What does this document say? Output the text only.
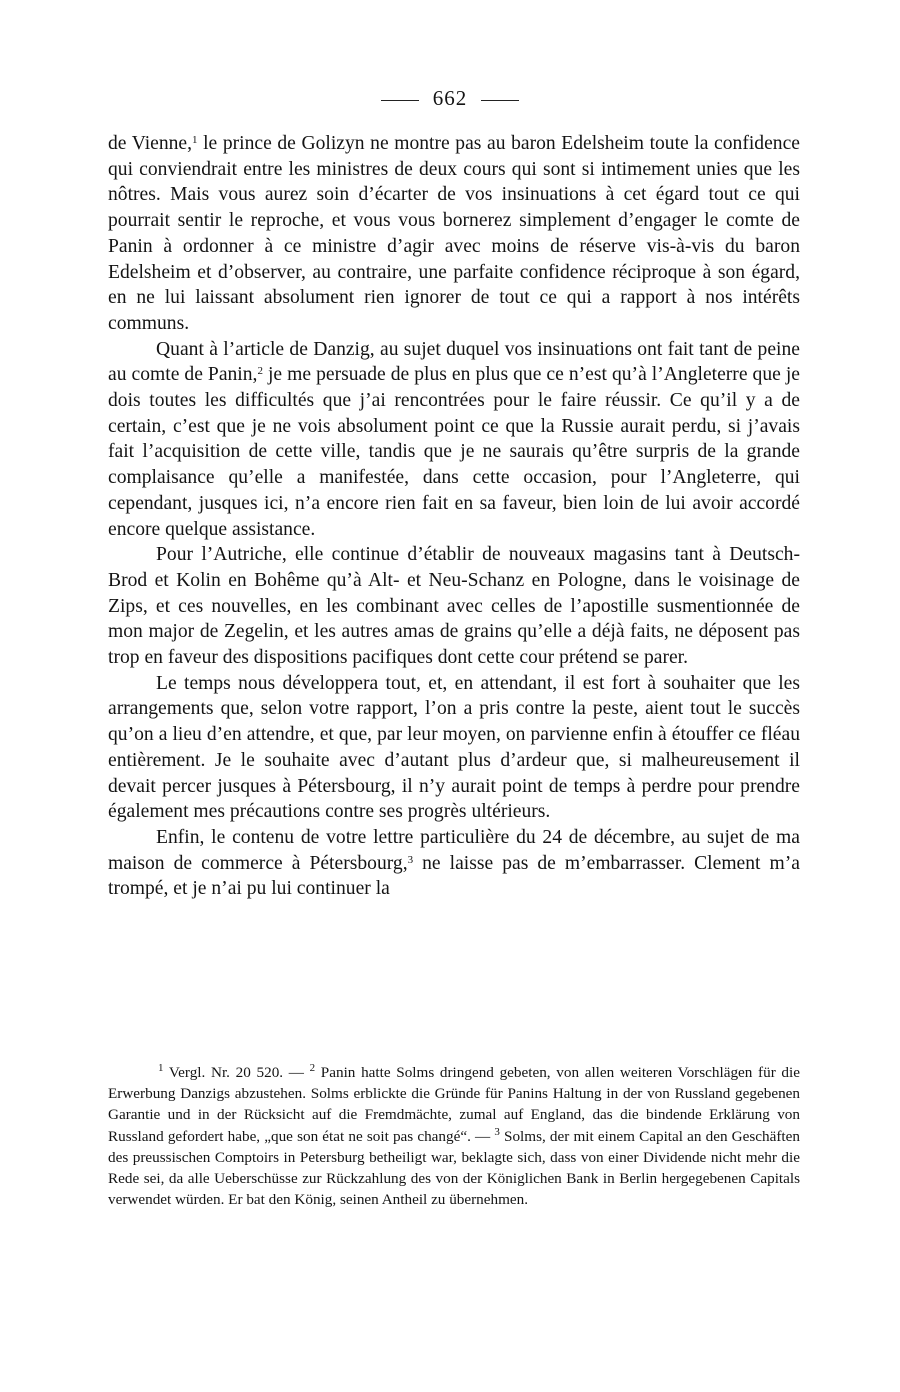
662

de Vienne,$^1$ le prince de Golizyn ne montre pas au baron Edelsheim toute la confidence qui conviendrait entre les ministres de deux cours qui sont si intimement unies que les nôtres. Mais vous aurez soin d’écarter de vos insinuations à cet égard tout ce qui pourrait sentir le reproche, et vous vous bornerez simplement d’engager le comte de Panin à ordonner à ce ministre d’agir avec moins de réserve vis-à-vis du baron Edelsheim et d’observer, au contraire, une parfaite confidence réciproque à son égard, en ne lui laissant absolument rien ignorer de tout ce qui a rapport à nos intérêts communs.

Quant à l’article de Danzig, au sujet duquel vos insinuations ont fait tant de peine au comte de Panin,$^2$ je me persuade de plus en plus que ce n’est qu’à l’Angleterre que je dois toutes les difficultés que j’ai rencontrées pour le faire réussir. Ce qu’il y a de certain, c’est que je ne vois absolument point ce que la Russie aurait perdu, si j’avais fait l’acquisition de cette ville, tandis que je ne saurais qu’être surpris de la grande complaisance qu’elle a manifestée, dans cette occasion, pour l’Angleterre, qui cependant, jusques ici, n’a encore rien fait en sa faveur, bien loin de lui avoir accordé encore quelque assistance.

Pour l’Autriche, elle continue d’établir de nouveaux magasins tant à Deutsch-Brod et Kolin en Bohême qu’à Alt- et Neu-Schanz en Pologne, dans le voisinage de Zips, et ces nouvelles, en les combinant avec celles de l’apostille susmentionnée de mon major de Zegelin, et les autres amas de grains qu’elle a déjà faits, ne déposent pas trop en faveur des dispositions pacifiques dont cette cour prétend se parer.

Le temps nous développera tout, et, en attendant, il est fort à souhaiter que les arrangements que, selon votre rapport, l’on a pris contre la peste, aient tout le succès qu’on a lieu d’en attendre, et que, par leur moyen, on parvienne enfin à étouffer ce fléau entièrement. Je le souhaite avec d’autant plus d’ardeur que, si malheureusement il devait percer jusques à Pétersbourg, il n’y aurait point de temps à perdre pour prendre également mes précautions contre ses progrès ultérieurs.

Enfin, le contenu de votre lettre particulière du 24 de décembre, au sujet de ma maison de commerce à Pétersbourg,$^3$ ne laisse pas de m’embarrasser. Clement m’a trompé, et je n’ai pu lui continuer la

$^1$ Vergl. Nr. 20 520. — $^2$ Panin hatte Solms dringend gebeten, von allen weiteren Vorschlägen für die Erwerbung Danzigs abzustehen. Solms erblickte die Gründe für Panins Haltung in der von Russland gegebenen Garantie und in der Rücksicht auf die Fremdmächte, zumal auf England, das die bindende Erklärung von Russland gefordert habe, „que son état ne soit pas changé“. — $^3$ Solms, der mit einem Capital an den Geschäften des preussischen Comptoirs in Petersburg betheiligt war, beklagte sich, dass von einer Dividende nicht mehr die Rede sei, da alle Ueberschüsse zur Rückzahlung des von der Königlichen Bank in Berlin hergegebenen Capitals verwendet würden. Er bat den König, seinen Antheil zu übernehmen.
